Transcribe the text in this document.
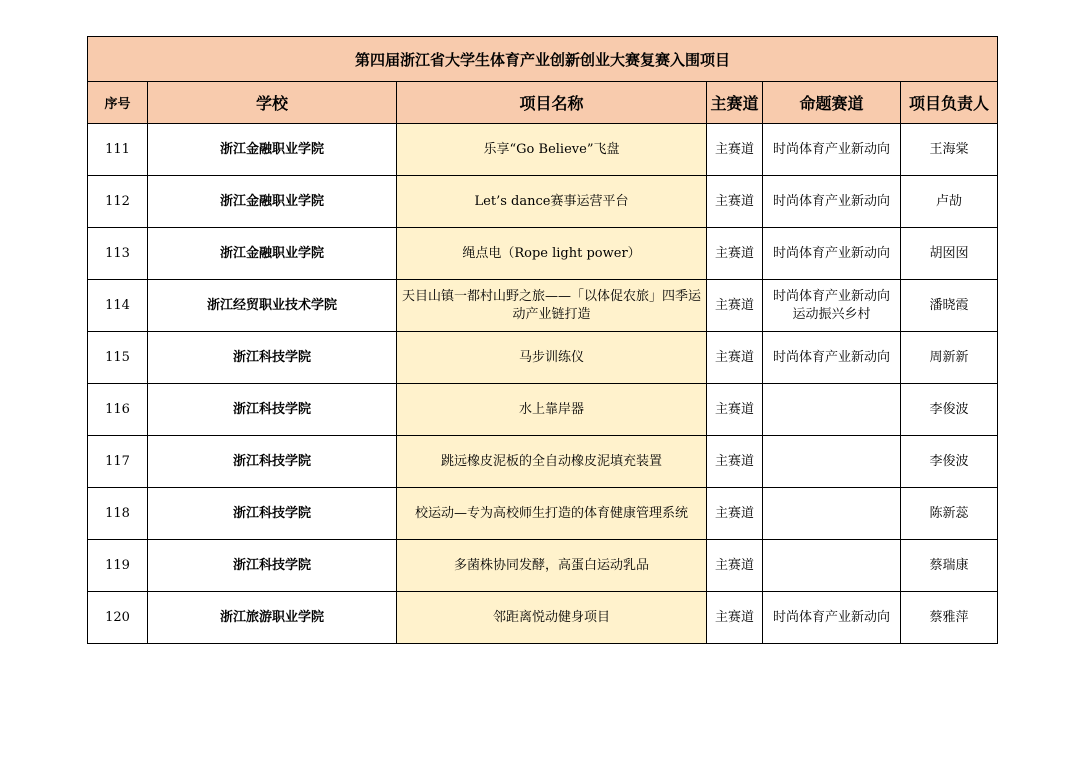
第四届浙江省大学生体育产业创新创业大赛复赛入围项目					
序号	学校	项目名称	主赛道	命题赛道	项目负责人
111	浙江金融职业学院	乐享“Go Believe”飞盘	主赛道	时尚体育产业新动向	王海棠
112	浙江金融职业学院	Let’s dance赛事运营平台	主赛道	时尚体育产业新动向	卢劼
113	浙江金融职业学院	绳点电（Rope light power）	主赛道	时尚体育产业新动向	胡囡囡
114	浙江经贸职业技术学院	天目山镇一都村山野之旅——「以体促农旅」四季运动产业链打造	主赛道	时尚体育产业新动向 运动振兴乡村	潘晓霞
115	浙江科技学院	马步训练仪	主赛道	时尚体育产业新动向	周新新
116	浙江科技学院	水上靠岸器	主赛道		李俊波
117	浙江科技学院	跳远橡皮泥板的全自动橡皮泥填充装置	主赛道		李俊波
118	浙江科技学院	校运动—专为高校师生打造的体育健康管理系统	主赛道		陈新蕊
119	浙江科技学院	多菌株协同发酵，高蛋白运动乳品	主赛道		蔡瑞康
120	浙江旅游职业学院	邻距离悦动健身项目	主赛道	时尚体育产业新动向	蔡雅萍
